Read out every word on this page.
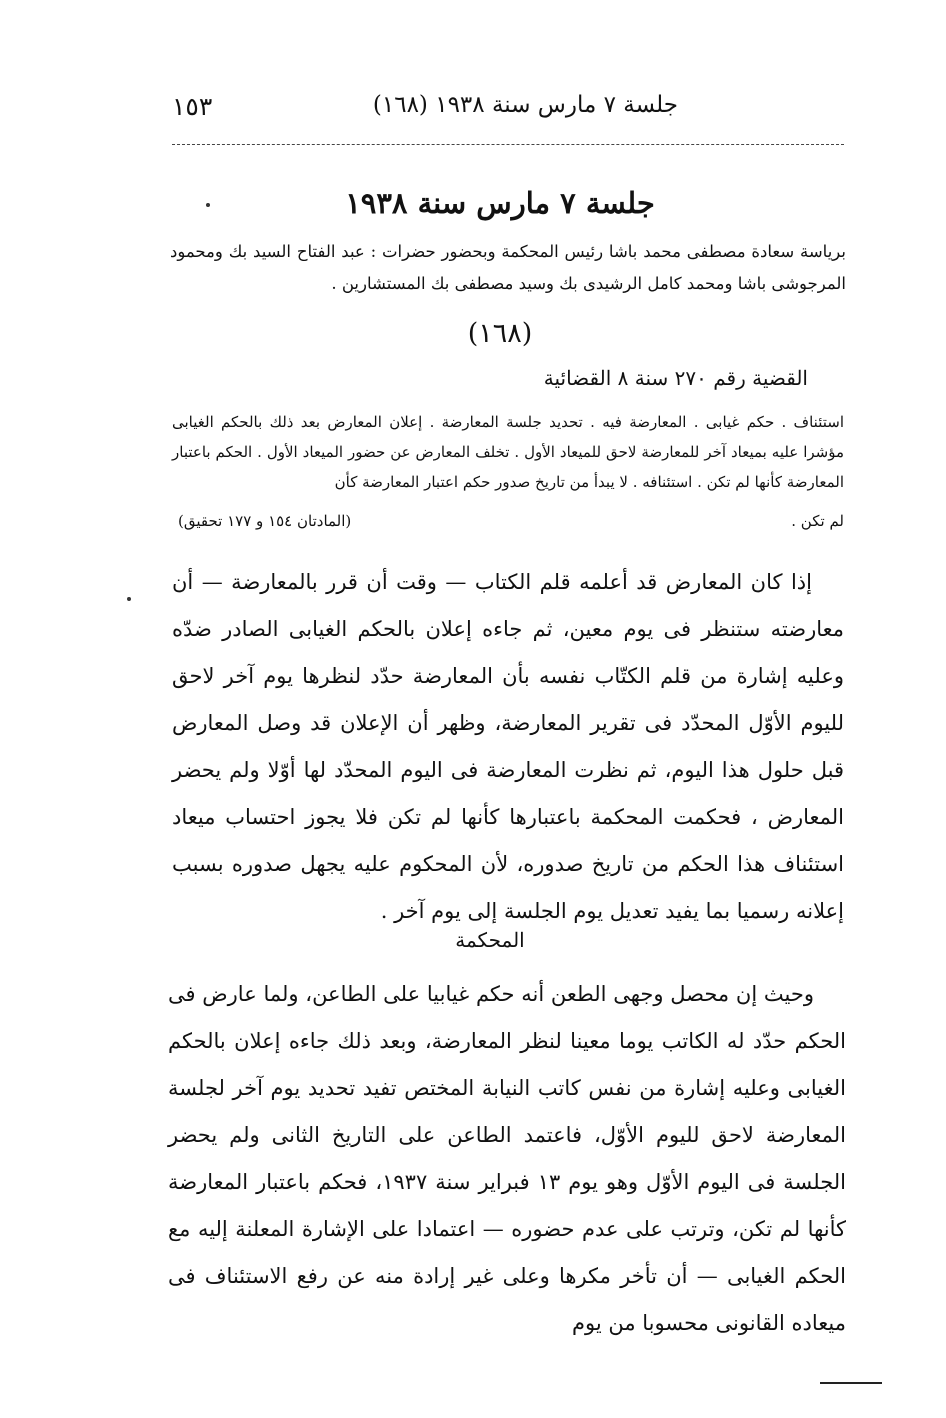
جلسة ٧ مارس سنة ١٩٣٨ (١٦٨)
١٥٣
جلسة ٧ مارس سنة ١٩٣٨
برياسة سعادة مصطفى محمد باشا رئيس المحكمة وبحضور حضرات : عبد الفتاح السيد بك ومحمود المرجوشى باشا ومحمد كامل الرشيدى بك وسيد مصطفى بك المستشارين .
(١٦٨)
القضية رقم ٢٧٠ سنة ٨ القضائية
استئناف . حكم غيابى . المعارضة فيه . تحديد جلسة المعارضة . إعلان المعارض بعد ذلك بالحكم الغيابى مؤشرا عليه بميعاد آخر للمعارضة لاحق للميعاد الأول . تخلف المعارض عن حضور الميعاد الأول . الحكم باعتبار المعارضة كأنها لم تكن . استئنافه . لا يبدأ من تاريخ صدور حكم اعتبار المعارضة كأن
لم تكن .
(المادتان ١٥٤ و ١٧٧ تحقيق)

إذا كان المعارض قد أعلمه قلم الكتاب — وقت أن قرر بالمعارضة — أن معارضته ستنظر فى يوم معين، ثم جاءه إعلان بالحكم الغيابى الصادر ضدّه وعليه إشارة من قلم الكتّاب نفسه بأن المعارضة حدّد لنظرها يوم آخر لاحق لليوم الأوّل المحدّد فى تقرير المعارضة، وظهر أن الإعلان قد وصل المعارض قبل حلول هذا اليوم، ثم نظرت المعارضة فى اليوم المحدّد لها أوّلا ولم يحضر المعارض ، فحكمت المحكمة باعتبارها كأنها لم تكن فلا يجوز احتساب ميعاد استئناف هذا الحكم من تاريخ صدوره، لأن المحكوم عليه يجهل صدوره بسبب إعلانه رسميا بما يفيد تعديل يوم الجلسة إلى يوم آخر .

المحكمة

وحيث إن محصل وجهى الطعن أنه حكم غيابيا على الطاعن، ولما عارض فى الحكم حدّد له الكاتب يوما معينا لنظر المعارضة، وبعد ذلك جاءه إعلان بالحكم الغيابى وعليه إشارة من نفس كاتب النيابة المختص تفيد تحديد يوم آخر لجلسة المعارضة لاحق لليوم الأوّل، فاعتمد الطاعن على التاريخ الثانى ولم يحضر الجلسة فى اليوم الأوّل وهو يوم ١٣ فبراير سنة ١٩٣٧، فحكم باعتبار المعارضة كأنها لم تكن، وترتب على عدم حضوره — اعتمادا على الإشارة المعلنة إليه مع الحكم الغيابى — أن تأخر مكرها وعلى غير إرادة منه عن رفع الاستئناف فى ميعاده القانونى محسوبا من يوم
